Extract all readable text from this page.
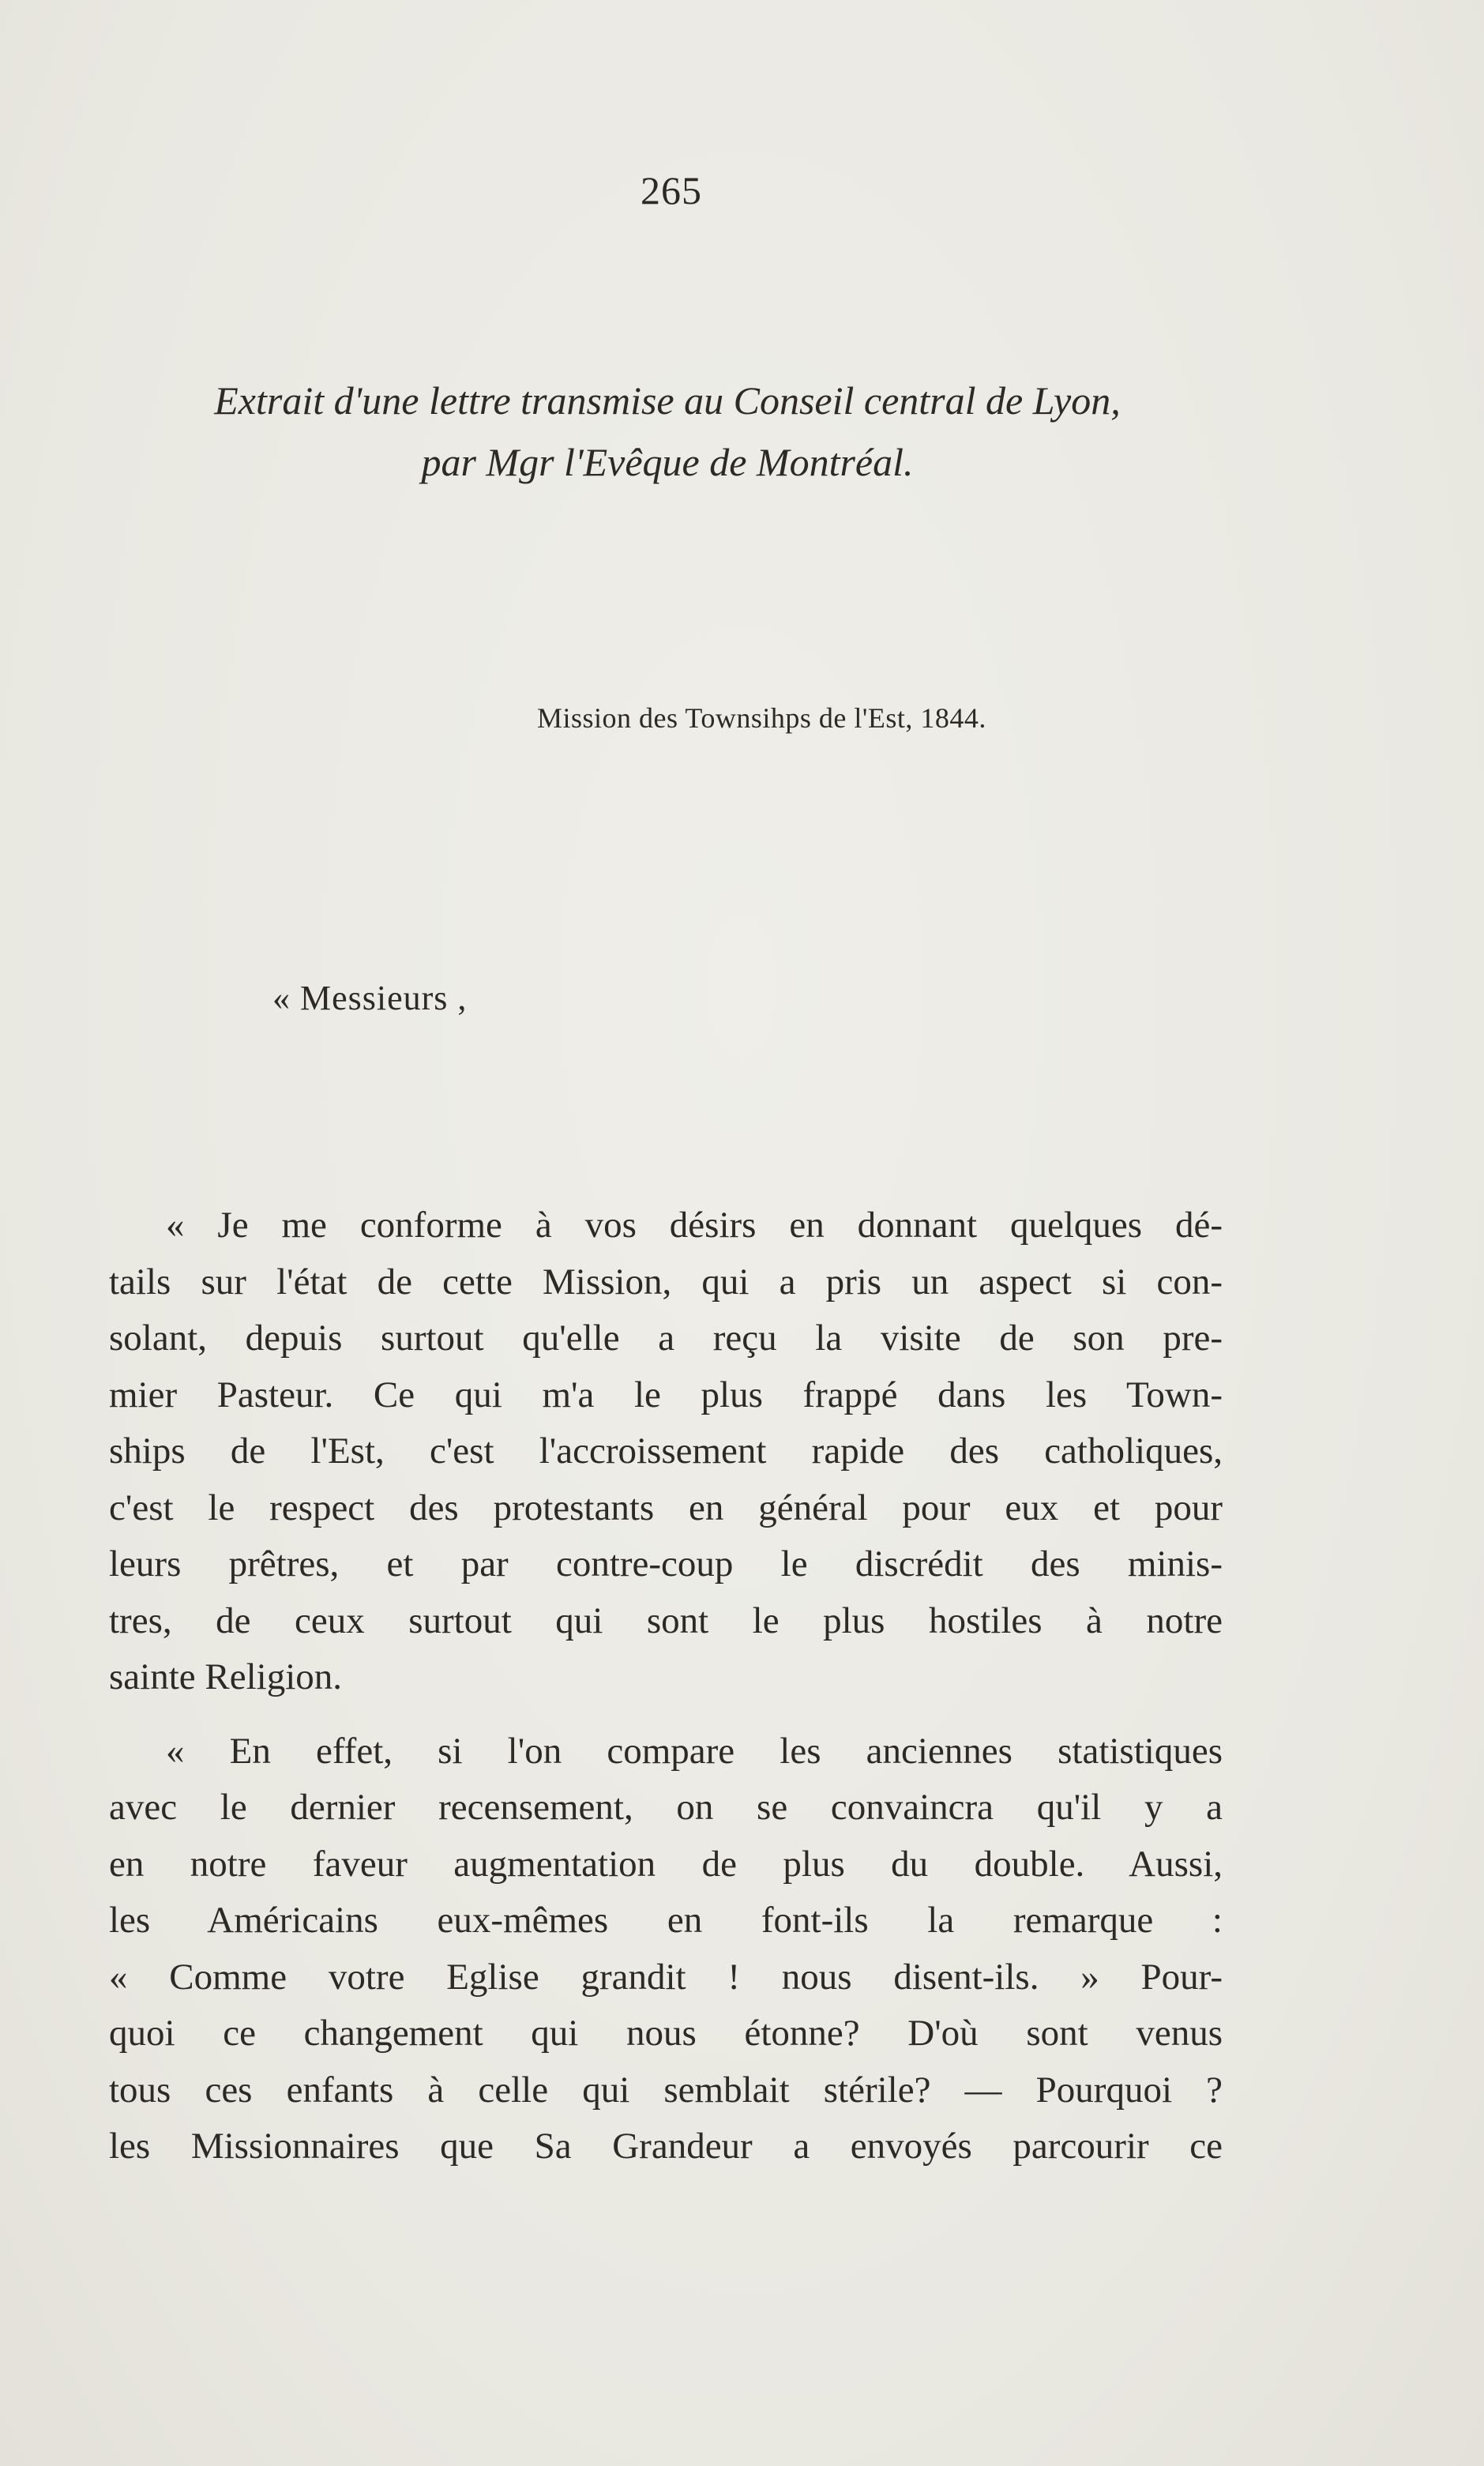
265
Extrait d'une lettre transmise au Conseil central de Lyon,
par Mgr l'Evêque de Montréal.
Mission des Townsihps de l'Est, 1844.
« Messieurs ,
« Je me conforme à vos désirs en donnant quelques dé-
tails sur l'état de cette Mission, qui a pris un aspect si con-
solant, depuis surtout qu'elle a reçu la visite de son pre-
mier Pasteur. Ce qui m'a le plus frappé dans les Town-
ships de l'Est, c'est l'accroissement rapide des catholiques,
c'est le respect des protestants en général pour eux et pour
leurs prêtres, et par contre-coup le discrédit des minis-
tres, de ceux surtout qui sont le plus hostiles à notre
sainte Religion.
« En effet, si l'on compare les anciennes statistiques
avec le dernier recensement, on se convaincra qu'il y a
en notre faveur augmentation de plus du double. Aussi,
les Américains eux-mêmes en font-ils la remarque :
« Comme votre Eglise grandit ! nous disent-ils. » Pour-
quoi ce changement qui nous étonne? D'où sont venus
tous ces enfants à celle qui semblait stérile? — Pourquoi ?
les Missionnaires que Sa Grandeur a envoyés parcourir ce
